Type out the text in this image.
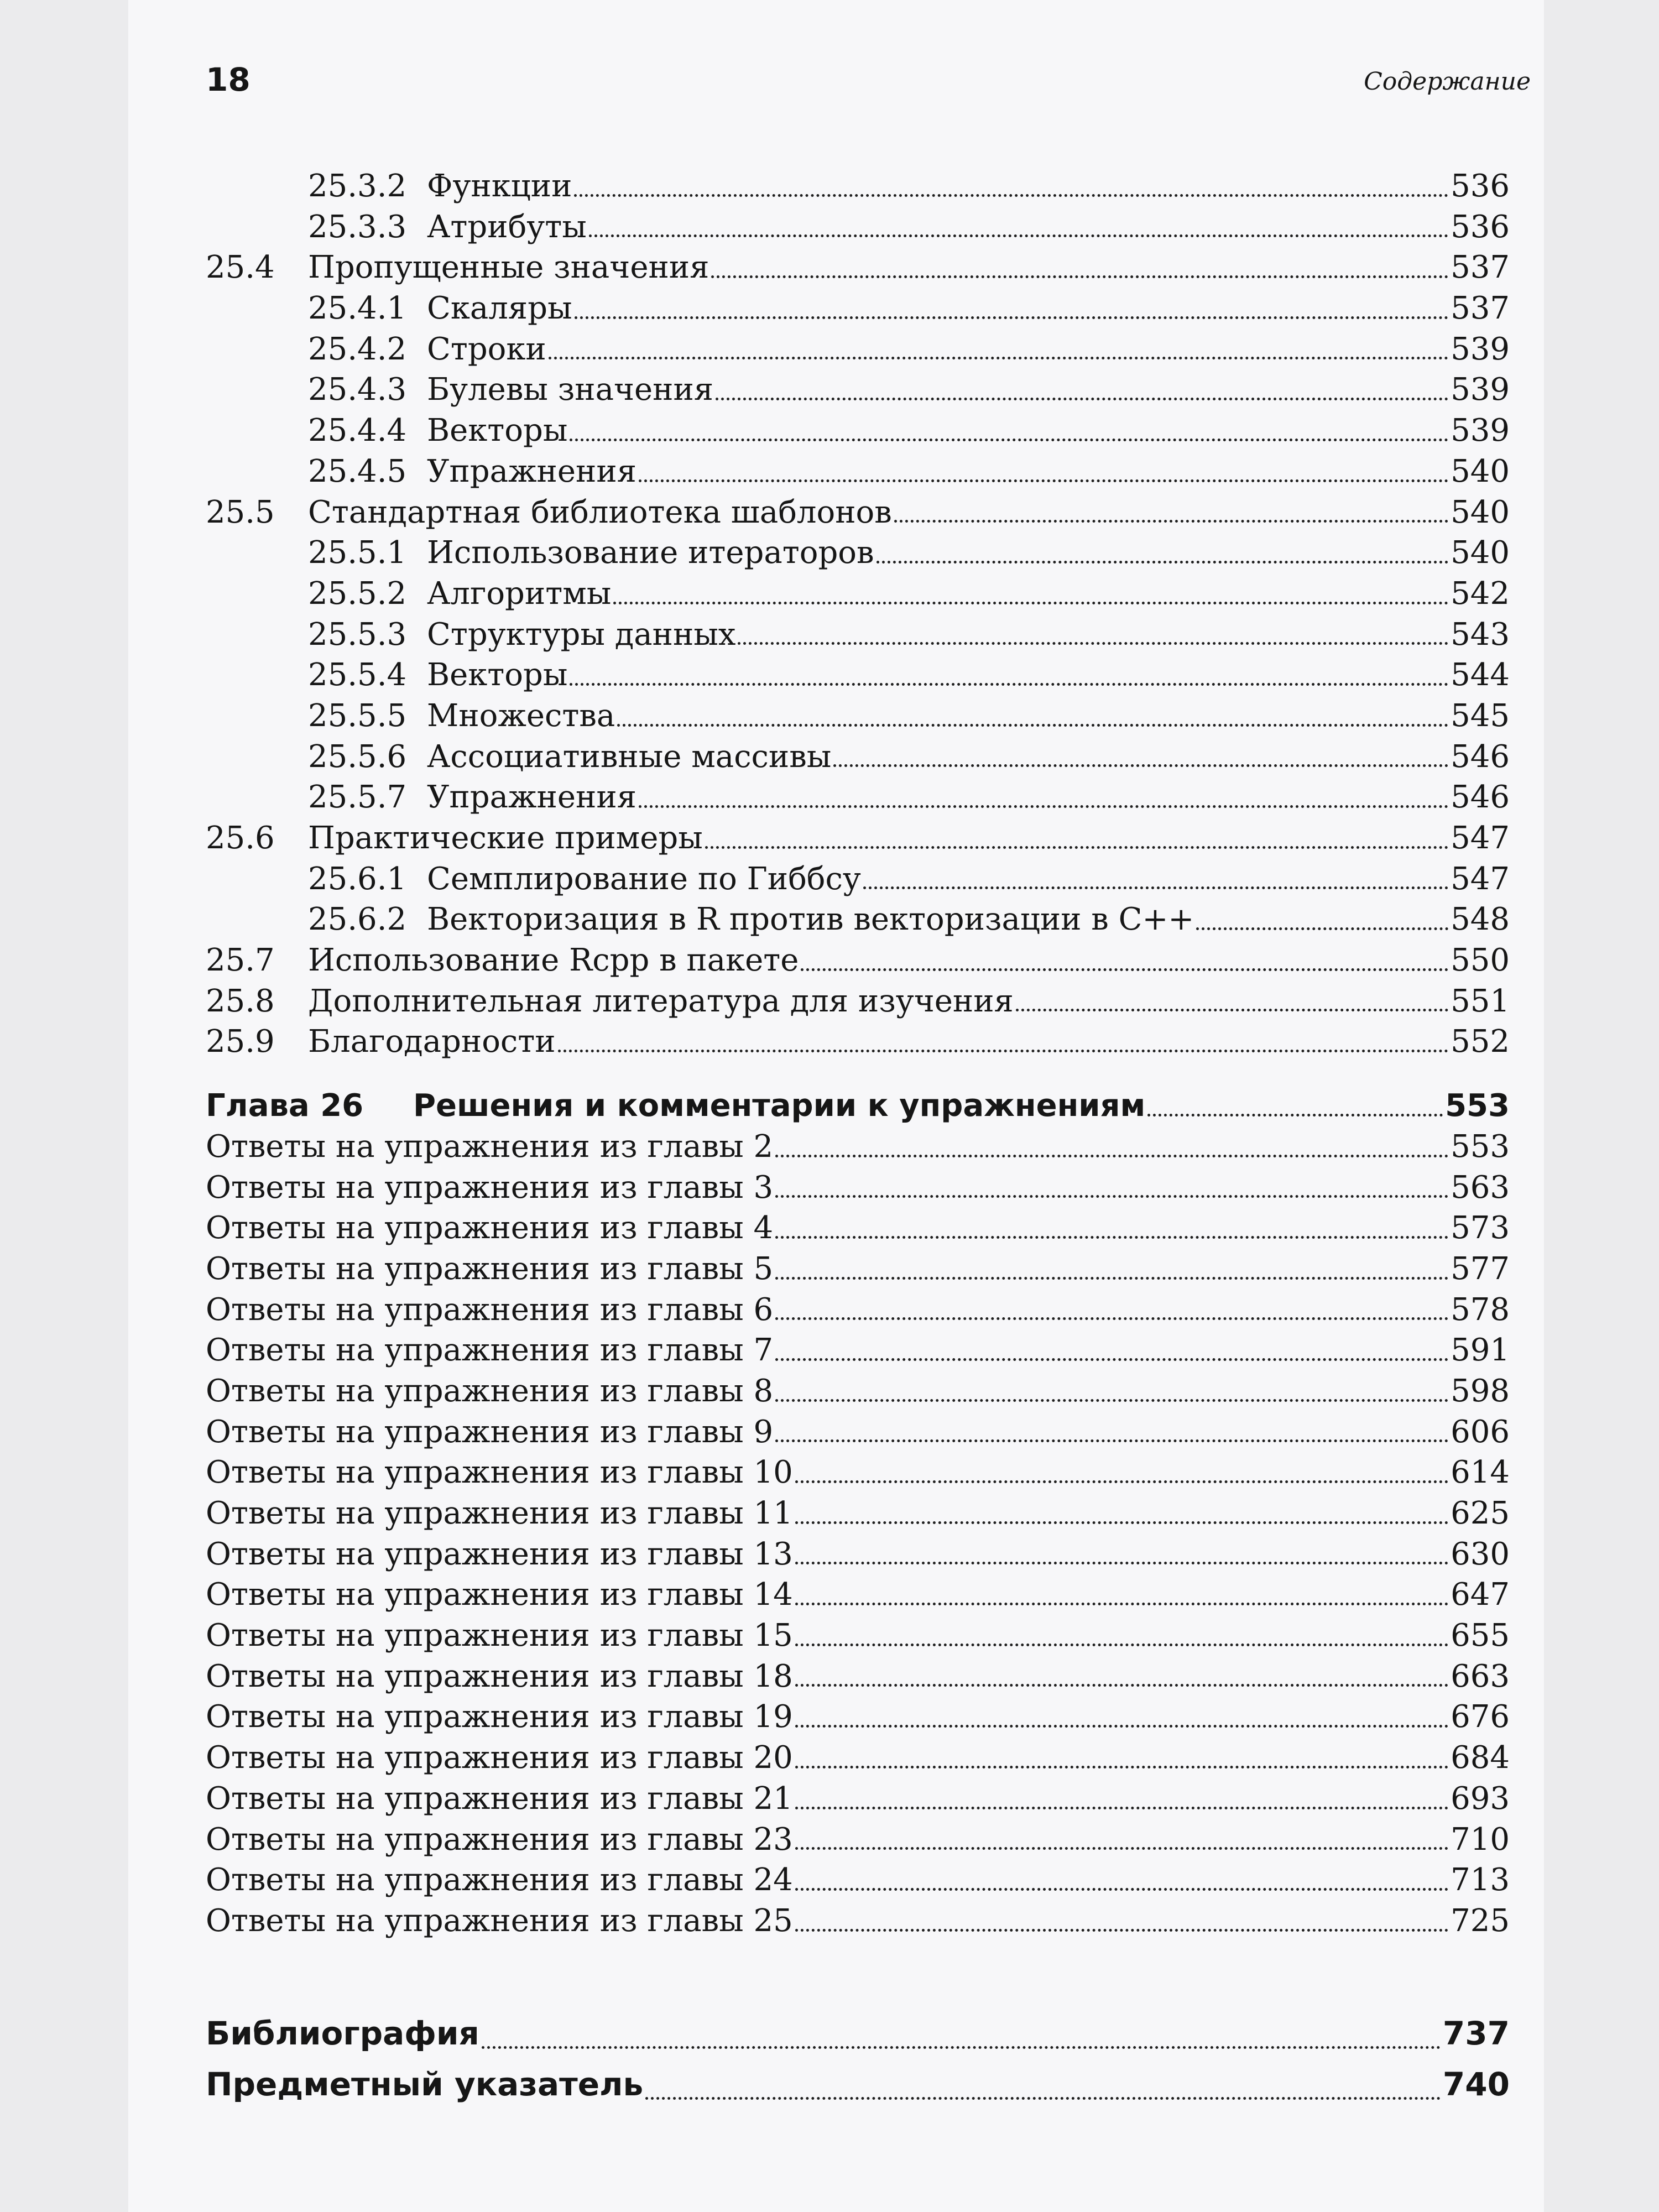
18	Содержание
25.3.2 Функции	536
25.3.3 Атрибуты	536
25.4 Пропущенные значения	537
25.4.1 Скаляры	537
25.4.2 Строки	539
25.4.3 Булевы значения	539
25.4.4 Векторы	539
25.4.5 Упражнения	540
25.5 Стандартная библиотека шаблонов	540
25.5.1 Использование итераторов	540
25.5.2 Алгоритмы	542
25.5.3 Структуры данных	543
25.5.4 Векторы	544
25.5.5 Множества	545
25.5.6 Ассоциативные массивы	546
25.5.7 Упражнения	546
25.6 Практические примеры	547
25.6.1 Семплирование по Гиббсу	547
25.6.2 Векторизация в R против векторизации в C++	548
25.7 Использование Rcpp в пакете	550
25.8 Дополнительная литература для изучения	551
25.9 Благодарности	552
Глава 26 Решения и комментарии к упражнениям	553
Ответы на упражнения из главы 2	553
Ответы на упражнения из главы 3	563
Ответы на упражнения из главы 4	573
Ответы на упражнения из главы 5	577
Ответы на упражнения из главы 6	578
Ответы на упражнения из главы 7	591
Ответы на упражнения из главы 8	598
Ответы на упражнения из главы 9	606
Ответы на упражнения из главы 10	614
Ответы на упражнения из главы 11	625
Ответы на упражнения из главы 13	630
Ответы на упражнения из главы 14	647
Ответы на упражнения из главы 15	655
Ответы на упражнения из главы 18	663
Ответы на упражнения из главы 19	676
Ответы на упражнения из главы 20	684
Ответы на упражнения из главы 21	693
Ответы на упражнения из главы 23	710
Ответы на упражнения из главы 24	713
Ответы на упражнения из главы 25	725
Библиография	737
Предметный указатель	740
